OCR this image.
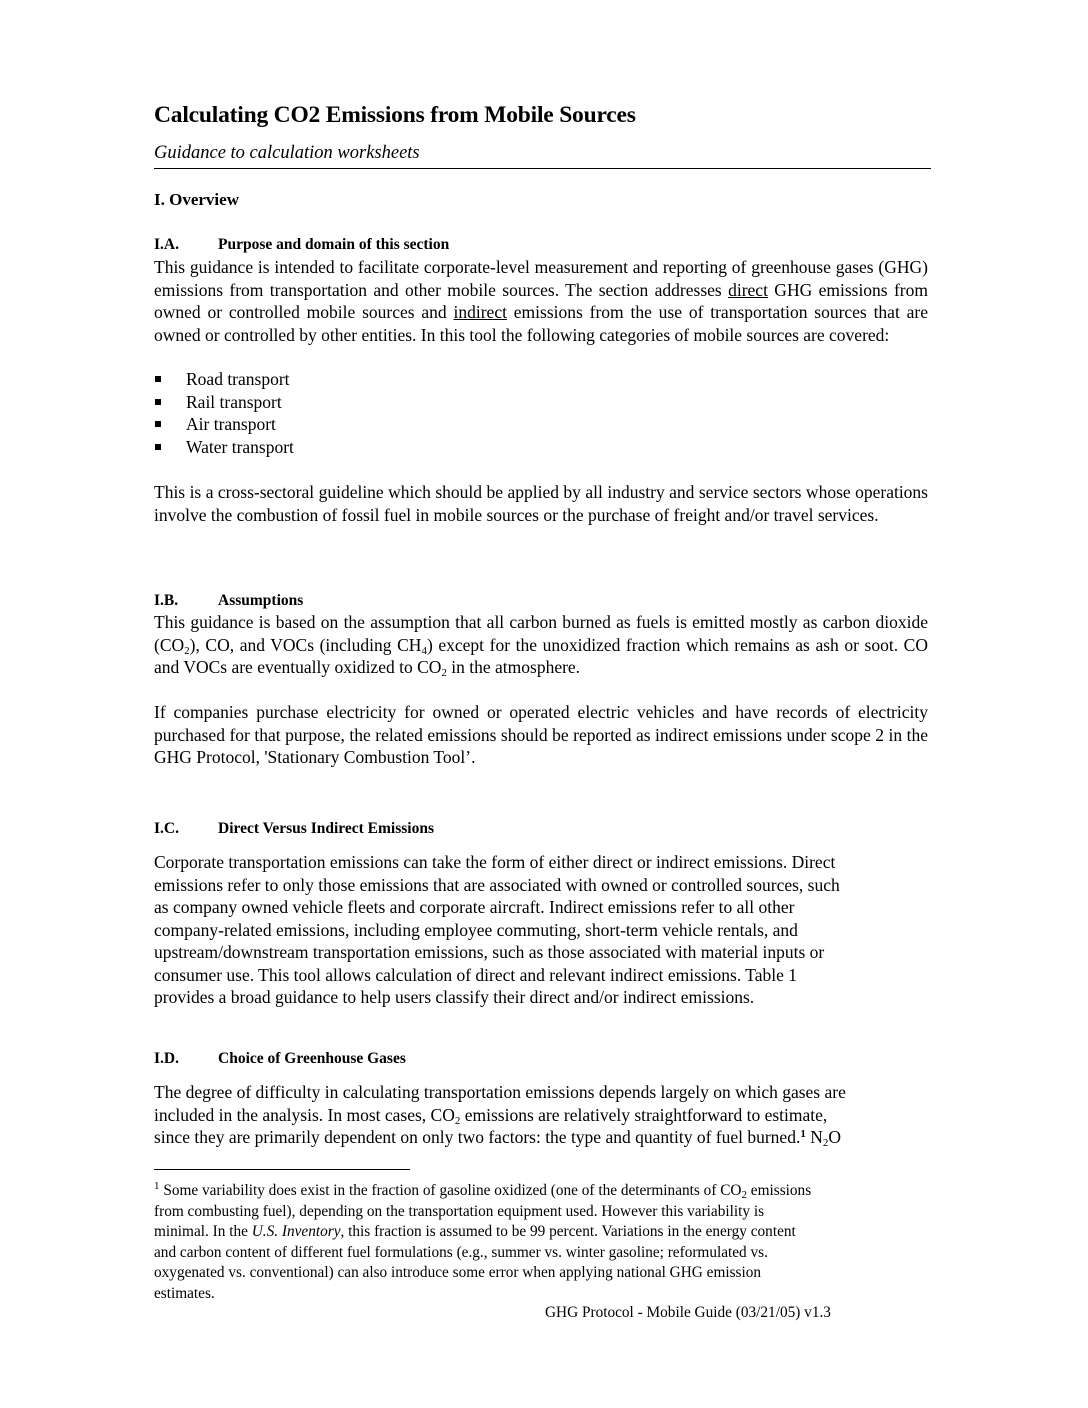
Calculating CO2 Emissions from Mobile Sources
Guidance to calculation worksheets
I. Overview
I.A.	Purpose and domain of this section
This guidance is intended to facilitate corporate-level measurement and reporting of greenhouse gases (GHG) emissions from transportation and other mobile sources. The section addresses direct GHG emissions from owned or controlled mobile sources and indirect emissions from the use of transportation sources that are owned or controlled by other entities. In this tool the following categories of mobile sources are covered:
Road transport
Rail transport
Air transport
Water transport
This is a cross-sectoral guideline which should be applied by all industry and service sectors whose operations involve the combustion of fossil fuel in mobile sources or the purchase of freight and/or travel services.
I.B.	Assumptions
This guidance is based on the assumption that all carbon burned as fuels is emitted mostly as carbon dioxide $(CO_2)$, CO, and VOCs (including $CH_4$) except for the unoxidized fraction which remains as ash or soot. CO and VOCs are eventually oxidized to $CO_2$ in the atmosphere.
If companies purchase electricity for owned or operated electric vehicles and have records of electricity purchased for that purpose, the related emissions should be reported as indirect emissions under scope 2 in the GHG Protocol, 'Stationary Combustion Tool’.
I.C.	Direct Versus Indirect Emissions
Corporate transportation emissions can take the form of either direct or indirect emissions. Direct
emissions refer to only those emissions that are associated with owned or controlled sources, such
as company owned vehicle fleets and corporate aircraft. Indirect emissions refer to all other
company-related emissions, including employee commuting, short-term vehicle rentals, and
upstream/downstream transportation emissions, such as those associated with material inputs or
consumer use. This tool allows calculation of direct and relevant indirect emissions. Table 1
provides a broad guidance to help users classify their direct and/or indirect emissions.
I.D.	Choice of Greenhouse Gases
The degree of difficulty in calculating transportation emissions depends largely on which gases are
included in the analysis. In most cases, $CO_2$ emissions are relatively straightforward to estimate,
since they are primarily dependent on only two factors: the type and quantity of fuel burned.$^1$ $N_2O$
$^1$ Some variability does exist in the fraction of gasoline oxidized (one of the determinants of $CO_2$ emissions
from combusting fuel), depending on the transportation equipment used. However this variability is
minimal. In the U.S. Inventory, this fraction is assumed to be 99 percent. Variations in the energy content
and carbon content of different fuel formulations (e.g., summer vs. winter gasoline; reformulated vs.
oxygenated vs. conventional) can also introduce some error when applying national GHG emission
estimates.
GHG Protocol - Mobile Guide (03/21/05) v1.3
